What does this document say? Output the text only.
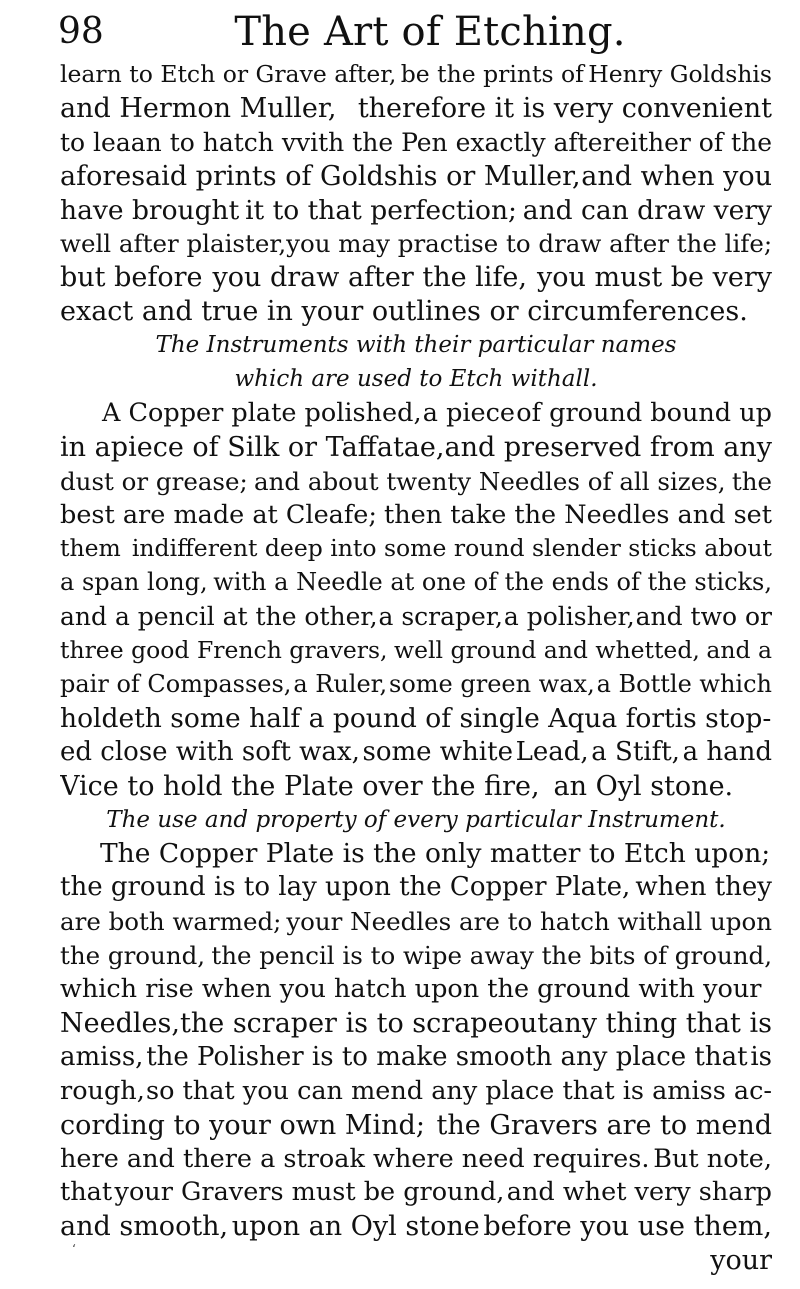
98	The Art of Etching.
learn to Etch or Grave after, be the prints of Henry Goldshis
and Hermon Muller, therefore it is very convenient
to leaan to hatch vvith the Pen exactly after either of the
aforesaid prints of Goldshis or Muller, and when you
have brought it to that perfection; and can draw very
well after plaister, you may practise to draw after the life;
but before you draw after the life, you must be very
exact and true in your outlines or circumferences.
The Instruments with their particular names
which are used to Etch withall.
A Copper plate polished, a piece of ground bound up
in a piece of Silk or Taffatae, and preserved from any
dust or grease; and about twenty Needles of all sizes, the
best are made at Cleafe; then take the Needles and set
them indifferent deep into some round slender sticks about
a span long, with a Needle at one of the ends of the sticks,
and a pencil at the other, a scraper, a polisher, and two or
three good French gravers, well ground and whetted, and a
pair of Compasses, a Ruler, some green wax, a Bottle which
holdeth some half a pound of single Aqua fortis stop-
ed close with soft wax, some white Lead, a Stift, a hand
Vice to hold the Plate over the fire, an Oyl stone.
The use and property of every particular Instrument.
The Copper Plate is the only matter to Etch upon;
the ground is to lay upon the Copper Plate, when they
are both warmed; your Needles are to hatch withall upon
the ground, the pencil is to wipe away the bits of ground,
which rise when you hatch upon the ground with your
Needles, the scraper is to scrape out any thing that is
amiss, the Polisher is to make smooth any place that is
rough, so that you can mend any place that is amiss ac-
cording to your own Mind; the Gravers are to mend
here and there a stroak where need requires. But note,
that your Gravers must be ground, and whet very sharp
and smooth, upon an Oyl stone before you use them,
your
ʻ
